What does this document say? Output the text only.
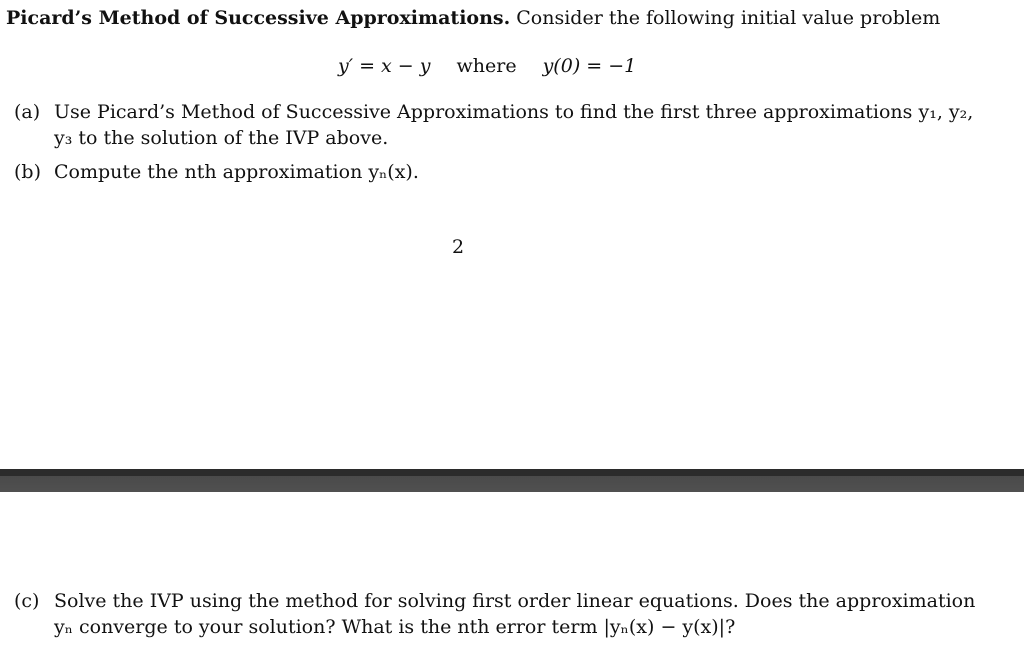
Picard’s Method of Successive Approximations. Consider the following initial value problem
y′ = x − y where y(0) = −1
(a) Use Picard’s Method of Successive Approximations to find the first three approximations y₁, y₂,
y₃ to the solution of the IVP above.
(b) Compute the nth approximation yₙ(x).
2
(c) Solve the IVP using the method for solving first order linear equations. Does the approximation
yₙ converge to your solution? What is the nth error term |yₙ(x) − y(x)|?
